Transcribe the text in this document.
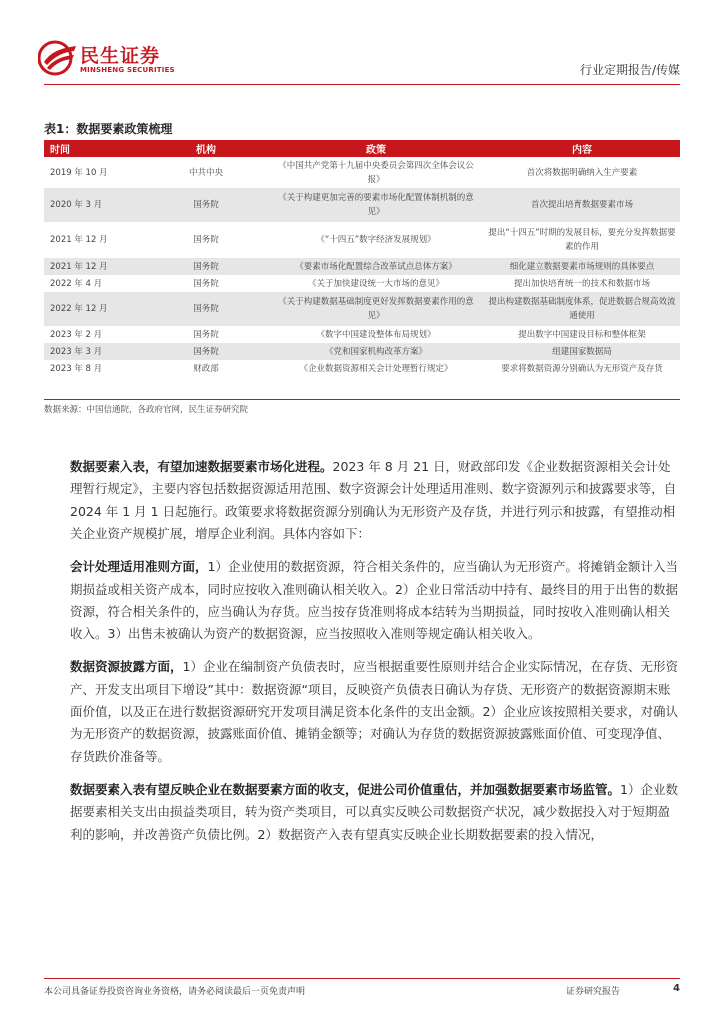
民生证券
MINSHENG SECURITIES	行业定期报告/传媒
表1：数据要素政策梳理
时间	机构	政策	内容
2019 年 10 月	中共中央	《中国共产党第十九届中央委员会第四次全体会议公报》	首次将数据明确纳入生产要素
2020 年 3 月	国务院	《关于构建更加完善的要素市场化配置体制机制的意见》	首次提出培育数据要素市场
2021 年 12 月	国务院	《“十四五”数字经济发展规划》	提出“十四五”时期的发展目标，要充分发挥数据要素的作用
2021 年 12 月	国务院	《要素市场化配置综合改革试点总体方案》	细化建立数据要素市场规则的具体要点
2022 年 4 月	国务院	《关于加快建设统一大市场的意见》	提出加快培育统一的技术和数据市场
2022 年 12 月	国务院	《关于构建数据基础制度更好发挥数据要素作用的意见》	提出构建数据基础制度体系，促进数据合规高效流通使用
2023 年 2 月	国务院	《数字中国建设整体布局规划》	提出数字中国建设目标和整体框架
2023 年 3 月	国务院	《党和国家机构改革方案》	组建国家数据局
2023 年 8 月	财政部	《企业数据资源相关会计处理暂行规定》	要求将数据资源分别确认为无形资产及存货
数据来源：中国信通院，各政府官网，民生证券研究院

数据要素入表，有望加速数据要素市场化进程。2023 年 8 月 21 日，财政部印发《企业数据资源相关会计处理暂行规定》，主要内容包括数据资源适用范围、数字资源会计处理适用准则、数字资源列示和披露要求等，自 2024 年 1 月 1 日起施行。政策要求将数据资源分别确认为无形资产及存货，并进行列示和披露，有望推动相关企业资产规模扩展，增厚企业利润。具体内容如下：

会计处理适用准则方面，1）企业使用的数据资源，符合相关条件的，应当确认为无形资产。将摊销金额计入当期损益或相关资产成本，同时应按收入准则确认相关收入。2）企业日常活动中持有、最终目的用于出售的数据资源，符合相关条件的，应当确认为存货。应当按存货准则将成本结转为当期损益，同时按收入准则确认相关收入。3）出售未被确认为资产的数据资源，应当按照收入准则等规定确认相关收入。

数据资源披露方面，1）企业在编制资产负债表时，应当根据重要性原则并结合企业实际情况，在存货、无形资产、开发支出项目下增设”其中：数据资源“项目，反映资产负债表日确认为存货、无形资产的数据资源期末账面价值，以及正在进行数据资源研究开发项目满足资本化条件的支出金额。2）企业应该按照相关要求，对确认为无形资产的数据资源，披露账面价值、摊销金额等；对确认为存货的数据资源披露账面价值、可变现净值、存货跌价准备等。

数据要素入表有望反映企业在数据要素方面的收支，促进公司价值重估，并加强数据要素市场监管。1）企业数据要素相关支出由损益类项目，转为资产类项目，可以真实反映公司数据资产状况，减少数据投入对于短期盈利的影响，并改善资产负债比例。2）数据资产入表有望真实反映企业长期数据要素的投入情况，

本公司具备证券投资咨询业务资格，请务必阅读最后一页免责声明	证券研究报告	4
